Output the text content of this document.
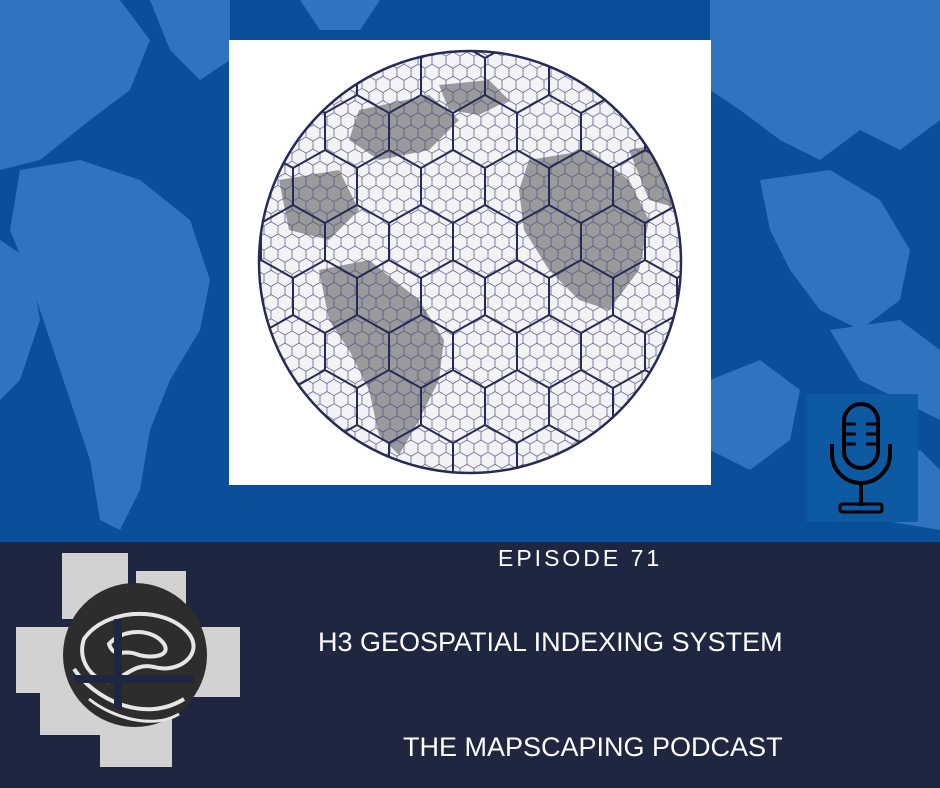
EPISODE 71
H3 GEOSPATIAL INDEXING SYSTEM
THE MAPSCAPING PODCAST
